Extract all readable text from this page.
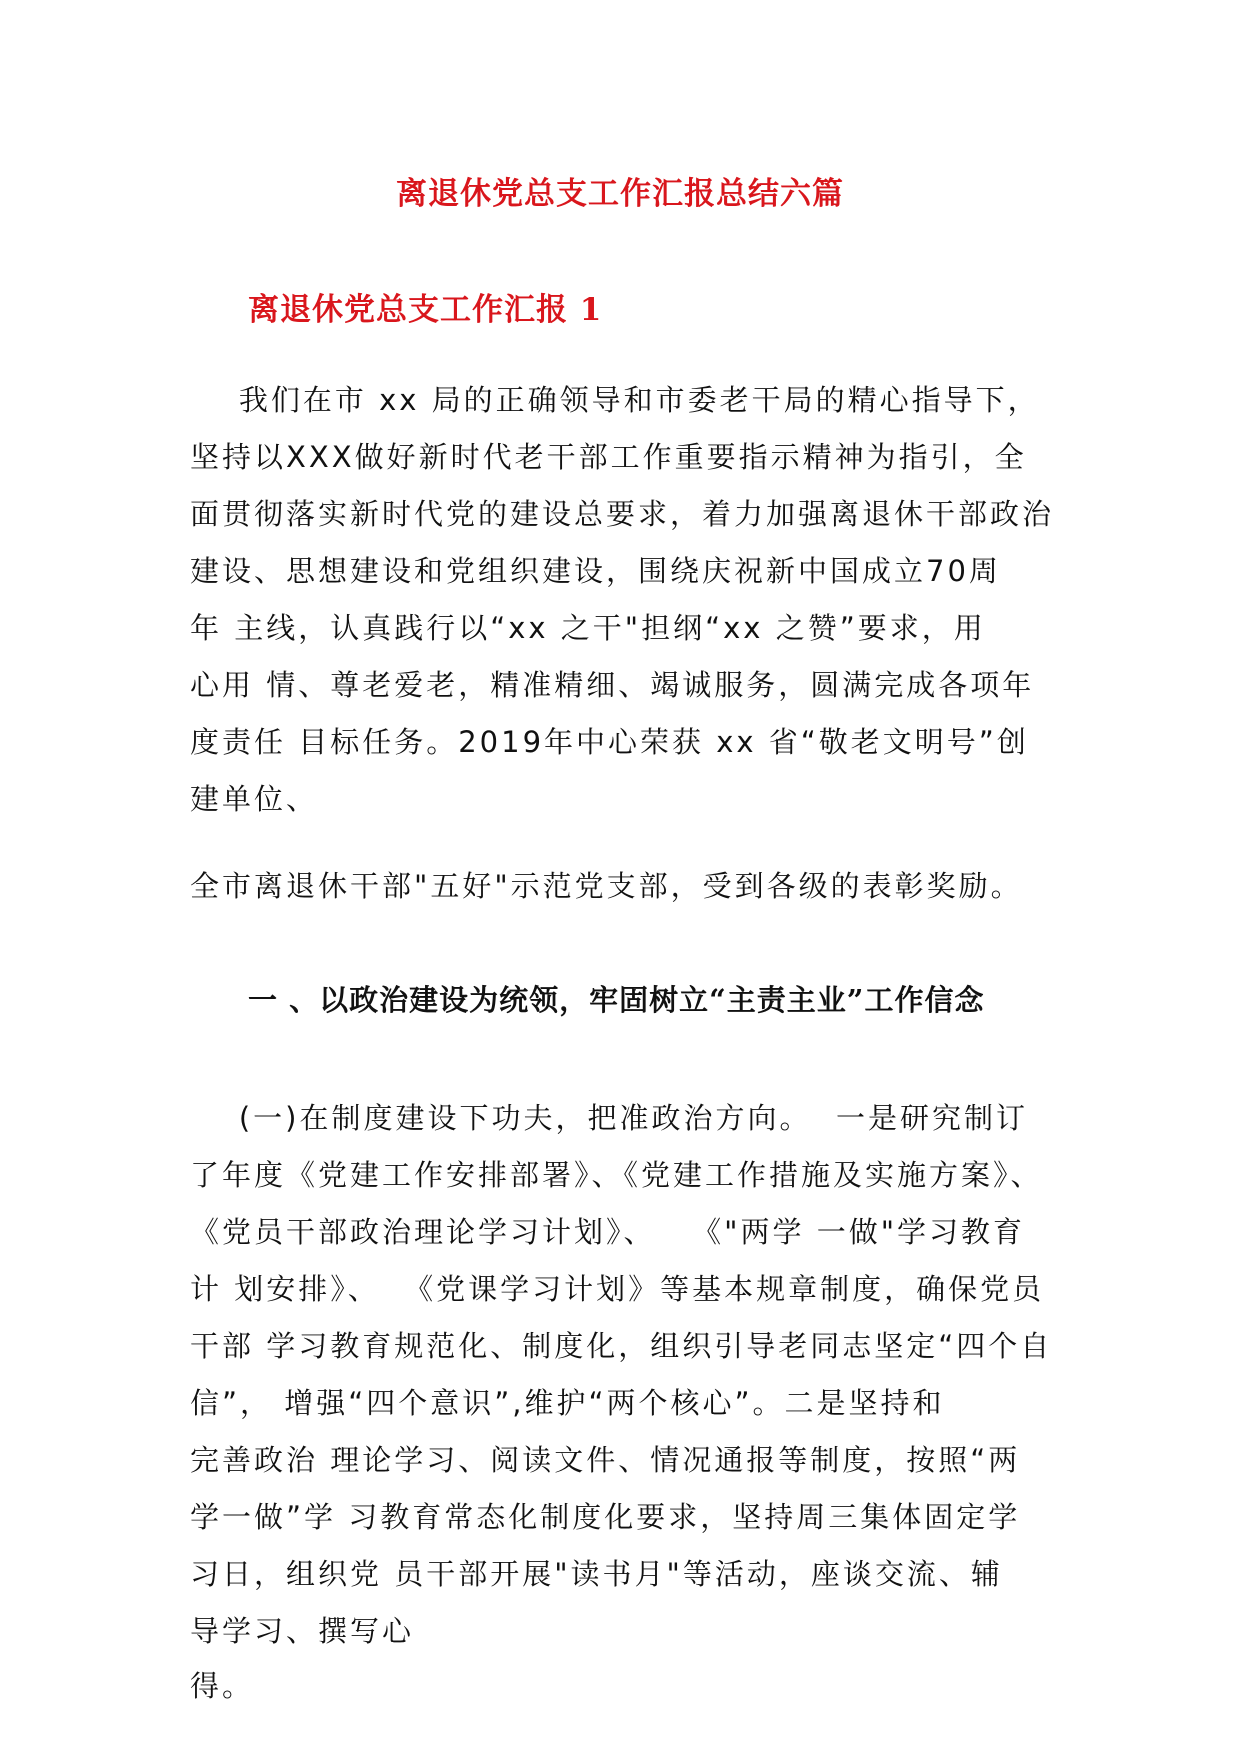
离退休党总支工作汇报总结六篇
离退休党总支工作汇报 1
我们在市 xx 局的正确领导和市委老干局的精心指导下，
坚持以XXX做好新时代老干部工作重要指示精神为指引，全
面贯彻落实新时代党的建设总要求，着力加强离退休干部政治
建设、思想建设和党组织建设，围绕庆祝新中国成立70周
年 主线，认真践行以“xx 之干"担纲“xx 之赞”要求，用
心用 情、尊老爱老，精准精细、竭诚服务，圆满完成各项年
度责任 目标任务。2019年中心荣获 xx 省“敬老文明号”创
建单位、
全市离退休干部"五好"示范党支部，受到各级的表彰奖励。
一 、以政治建设为统领，牢固树立“主责主业”工作信念
(一)在制度建设下功夫，把准政治方向。  一是研究制订
了年度《党建工作安排部署》、《党建工作措施及实施方案》、
《党员干部政治理论学习计划》、   《"两学 一做"学习教育
计 划安排》、  《党课学习计划》等基本规章制度，确保党员
干部 学习教育规范化、制度化，组织引导老同志坚定“四个自
信”， 增强“四个意识”,维护“两个核心”。二是坚持和
完善政治 理论学习、阅读文件、情况通报等制度，按照“两
学一做”学 习教育常态化制度化要求，坚持周三集体固定学
习日，组织党 员干部开展"读书月"等活动，座谈交流、辅
导学习、撰写心
得。
